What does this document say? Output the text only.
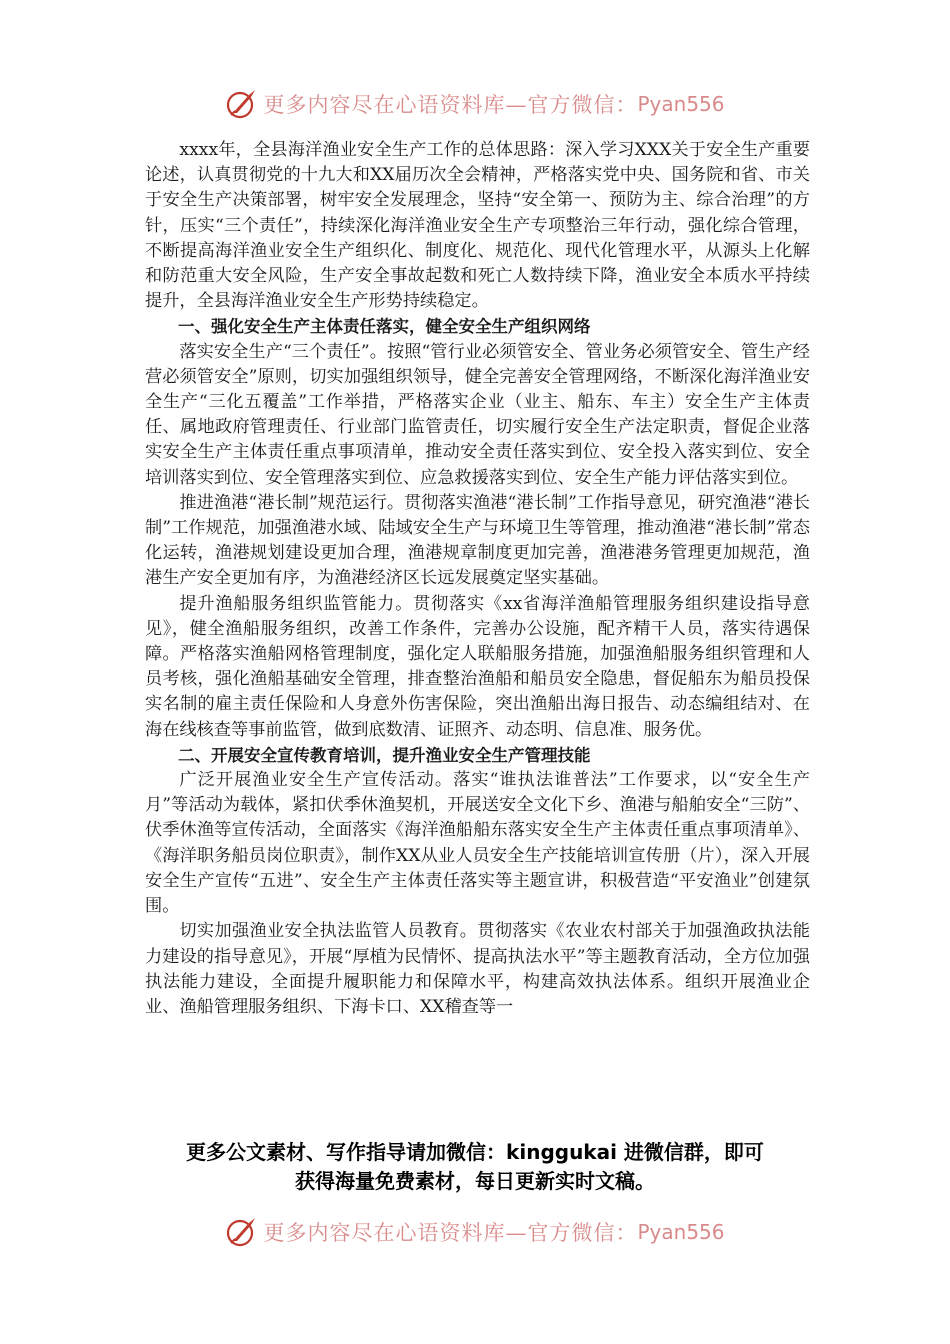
更多内容尽在心语资料库—官方微信： Pyan556

xxxx年，全县海洋渔业安全生产工作的总体思路：深入学习XXX关于安全生产重要论述，认真贯彻党的十九大和XX届历次全会精神，严格落实党中央、国务院和省、市关于安全生产决策部署，树牢安全发展理念，坚持“安全第一、预防为主、综合治理”的方针，压实“三个责任”，持续深化海洋渔业安全生产专项整治三年行动，强化综合管理，不断提高海洋渔业安全生产组织化、制度化、规范化、现代化管理水平，从源头上化解和防范重大安全风险，生产安全事故起数和死亡人数持续下降，渔业安全本质水平持续提升，全县海洋渔业安全生产形势持续稳定。

一、强化安全生产主体责任落实，健全安全生产组织网络

落实安全生产“三个责任”。按照“管行业必须管安全、管业务必须管安全、管生产经营必须管安全”原则，切实加强组织领导，健全完善安全管理网络，不断深化海洋渔业安全生产“三化五覆盖”工作举措，严格落实企业（业主、船东、车主）安全生产主体责任、属地政府管理责任、行业部门监管责任，切实履行安全生产法定职责，督促企业落实安全生产主体责任重点事项清单，推动安全责任落实到位、安全投入落实到位、安全培训落实到位、安全管理落实到位、应急救援落实到位、安全生产能力评估落实到位。

推进渔港“港长制”规范运行。贯彻落实渔港“港长制”工作指导意见，研究渔港“港长制”工作规范，加强渔港水域、陆域安全生产与环境卫生等管理，推动渔港“港长制”常态化运转，渔港规划建设更加合理，渔港规章制度更加完善，渔港港务管理更加规范，渔港生产安全更加有序，为渔港经济区长远发展奠定坚实基础。

提升渔船服务组织监管能力。贯彻落实《xx省海洋渔船管理服务组织建设指导意见》，健全渔船服务组织，改善工作条件，完善办公设施，配齐精干人员，落实待遇保障。严格落实渔船网格管理制度，强化定人联船服务措施，加强渔船服务组织管理和人员考核，强化渔船基础安全管理，排查整治渔船和船员安全隐患，督促船东为船员投保实名制的雇主责任保险和人身意外伤害保险，突出渔船出海日报告、动态编组结对、在海在线核查等事前监管，做到底数清、证照齐、动态明、信息准、服务优。

二、开展安全宣传教育培训，提升渔业安全生产管理技能

广泛开展渔业安全生产宣传活动。落实“谁执法谁普法”工作要求，以“安全生产月”等活动为载体，紧扣伏季休渔契机，开展送安全文化下乡、渔港与船舶安全“三防”、伏季休渔等宣传活动，全面落实《海洋渔船船东落实安全生产主体责任重点事项清单》、《海洋职务船员岗位职责》，制作XX从业人员安全生产技能培训宣传册（片），深入开展安全生产宣传“五进”、安全生产主体责任落实等主题宣讲，积极营造“平安渔业”创建氛围。

切实加强渔业安全执法监管人员教育。贯彻落实《农业农村部关于加强渔政执法能力建设的指导意见》，开展“厚植为民情怀、提高执法水平”等主题教育活动，全方位加强执法能力建设，全面提升履职能力和保障水平，构建高效执法体系。组织开展渔业企业、渔船管理服务组织、下海卡口、XX稽查等一

更多公文素材、写作指导请加微信：kinggukai 进微信群，即可
获得海量免费素材，每日更新实时文稿。
更多内容尽在心语资料库—官方微信： Pyan556
